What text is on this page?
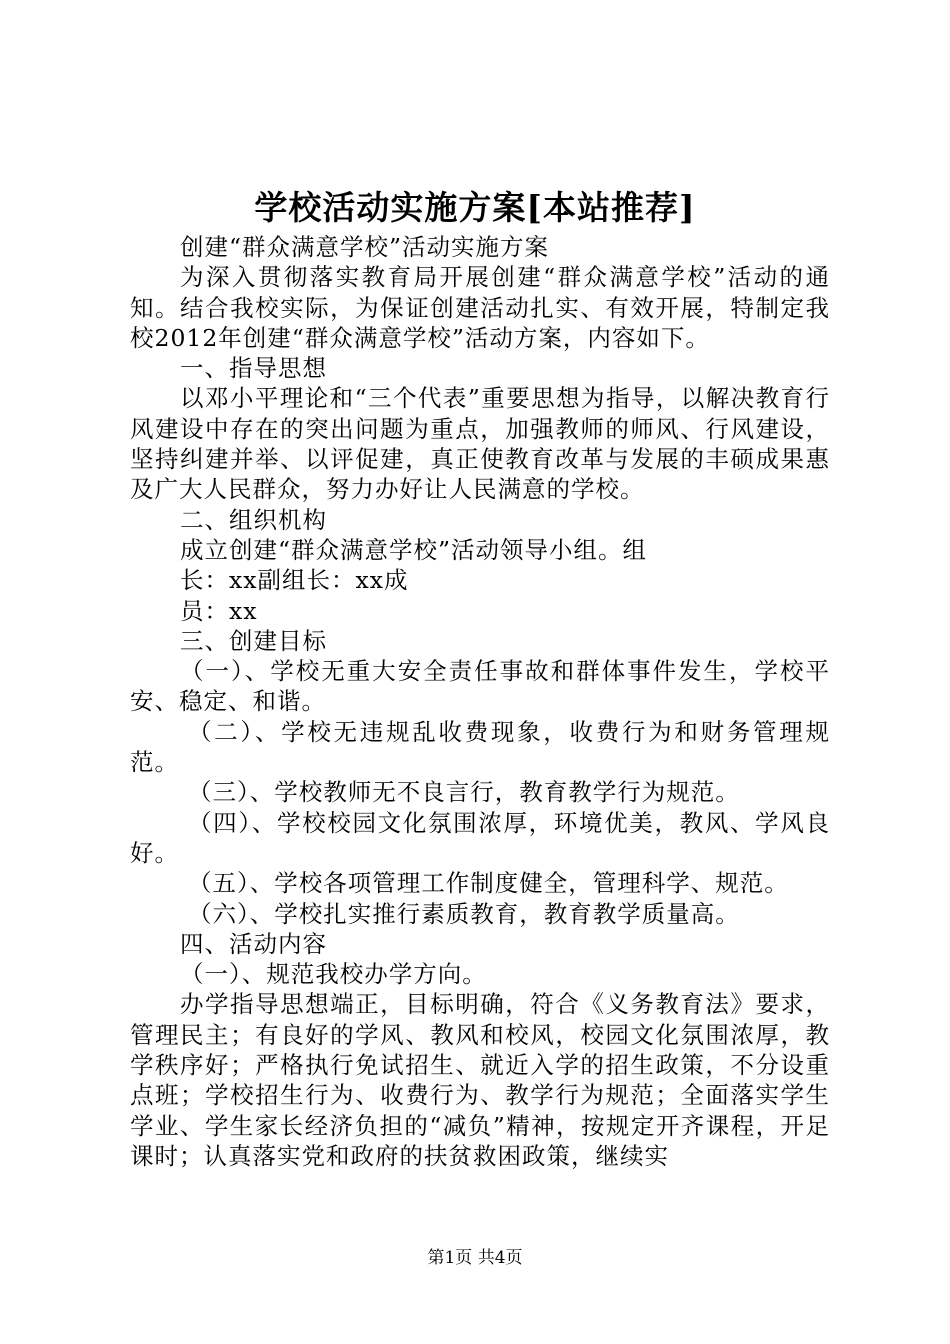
学校活动实施方案[本站推荐]

创建“群众满意学校”活动实施方案

为深入贯彻落实教育局开展创建“群众满意学校”活动的通知。结合我校实际，为保证创建活动扎实、有效开展，特制定我校2012年创建“群众满意学校”活动方案，内容如下。

一、指导思想

以邓小平理论和“三个代表”重要思想为指导，以解决教育行风建设中存在的突出问题为重点，加强教师的师风、行风建设，坚持纠建并举、以评促建，真正使教育改革与发展的丰硕成果惠及广大人民群众，努力办好让人民满意的学校。

二、组织机构

成立创建“群众满意学校”活动领导小组。组

长：xx副组长：xx成

员：xx

三、创建目标

（一）、学校无重大安全责任事故和群体事件发生，学校平安、稳定、和谐。

（二）、学校无违规乱收费现象，收费行为和财务管理规范。

（三）、学校教师无不良言行，教育教学行为规范。

（四）、学校校园文化氛围浓厚，环境优美，教风、学风良好。

（五）、学校各项管理工作制度健全，管理科学、规范。

（六）、学校扎实推行素质教育，教育教学质量高。

四、活动内容

（一）、规范我校办学方向。

办学指导思想端正，目标明确，符合《义务教育法》要求，管理民主；有良好的学风、教风和校风，校园文化氛围浓厚，教学秩序好；严格执行免试招生、就近入学的招生政策，不分设重点班；学校招生行为、收费行为、教学行为规范；全面落实学生学业、学生家长经济负担的“减负”精神，按规定开齐课程，开足课时；认真落实党和政府的扶贫救困政策，继续实

第1页 共4页
